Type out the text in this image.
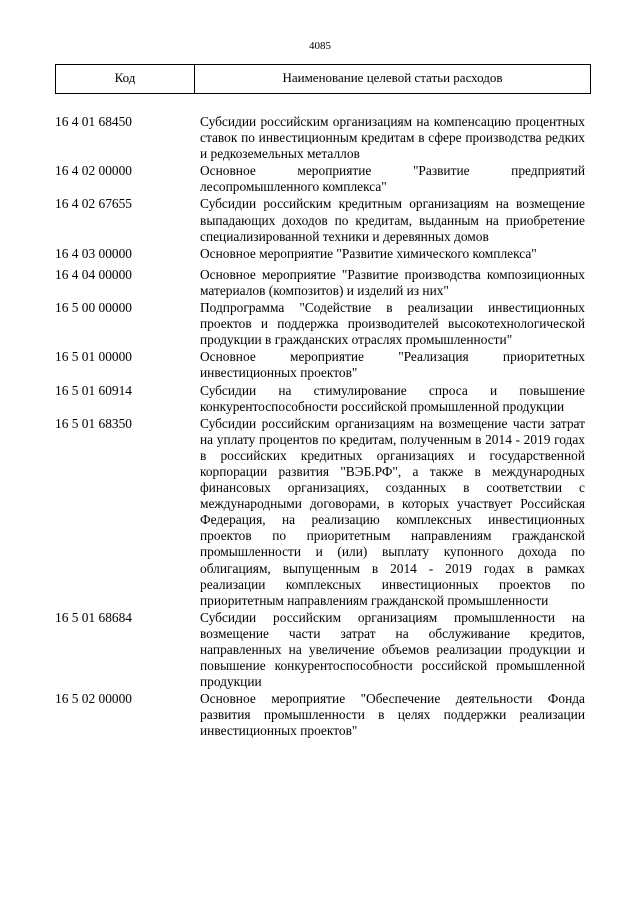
4085
Код	Наименование целевой статьи расходов
16 4 01 68450	Субсидии российским организациям на компенсацию процентных ставок по инвестиционным кредитам в сфере производства редких и редкоземельных металлов
16 4 02 00000	Основное мероприятие "Развитие предприятий лесопромышленного комплекса"
16 4 02 67655	Субсидии российским кредитным организациям на возмещение выпадающих доходов по кредитам, выданным на приобретение специализированной техники и деревянных домов
16 4 03 00000	Основное мероприятие "Развитие химического комплекса"
16 4 04 00000	Основное мероприятие "Развитие производства композиционных материалов (композитов) и изделий из них"
16 5 00 00000	Подпрограмма "Содействие в реализации инвестиционных проектов и поддержка производителей высокотехнологической продукции в гражданских отраслях промышленности"
16 5 01 00000	Основное мероприятие "Реализация приоритетных инвестиционных проектов"
16 5 01 60914	Субсидии на стимулирование спроса и повышение конкурентоспособности российской промышленной продукции
16 5 01 68350	Субсидии российским организациям на возмещение части затрат на уплату процентов по кредитам, полученным в 2014 - 2019 годах в российских кредитных организациях и государственной корпорации развития "ВЭБ.РФ", а также в международных финансовых организациях, созданных в соответствии с международными договорами, в которых участвует Российская Федерация, на реализацию комплексных инвестиционных проектов по приоритетным направлениям гражданской промышленности и (или) выплату купонного дохода по облигациям, выпущенным в 2014 - 2019 годах в рамках реализации комплексных инвестиционных проектов по приоритетным направлениям гражданской промышленности
16 5 01 68684	Субсидии российским организациям промышленности на возмещение части затрат на обслуживание кредитов, направленных на увеличение объемов реализации продукции и повышение конкурентоспособности российской промышленной продукции
16 5 02 00000	Основное мероприятие "Обеспечение деятельности Фонда развития промышленности в целях поддержки реализации инвестиционных проектов"
